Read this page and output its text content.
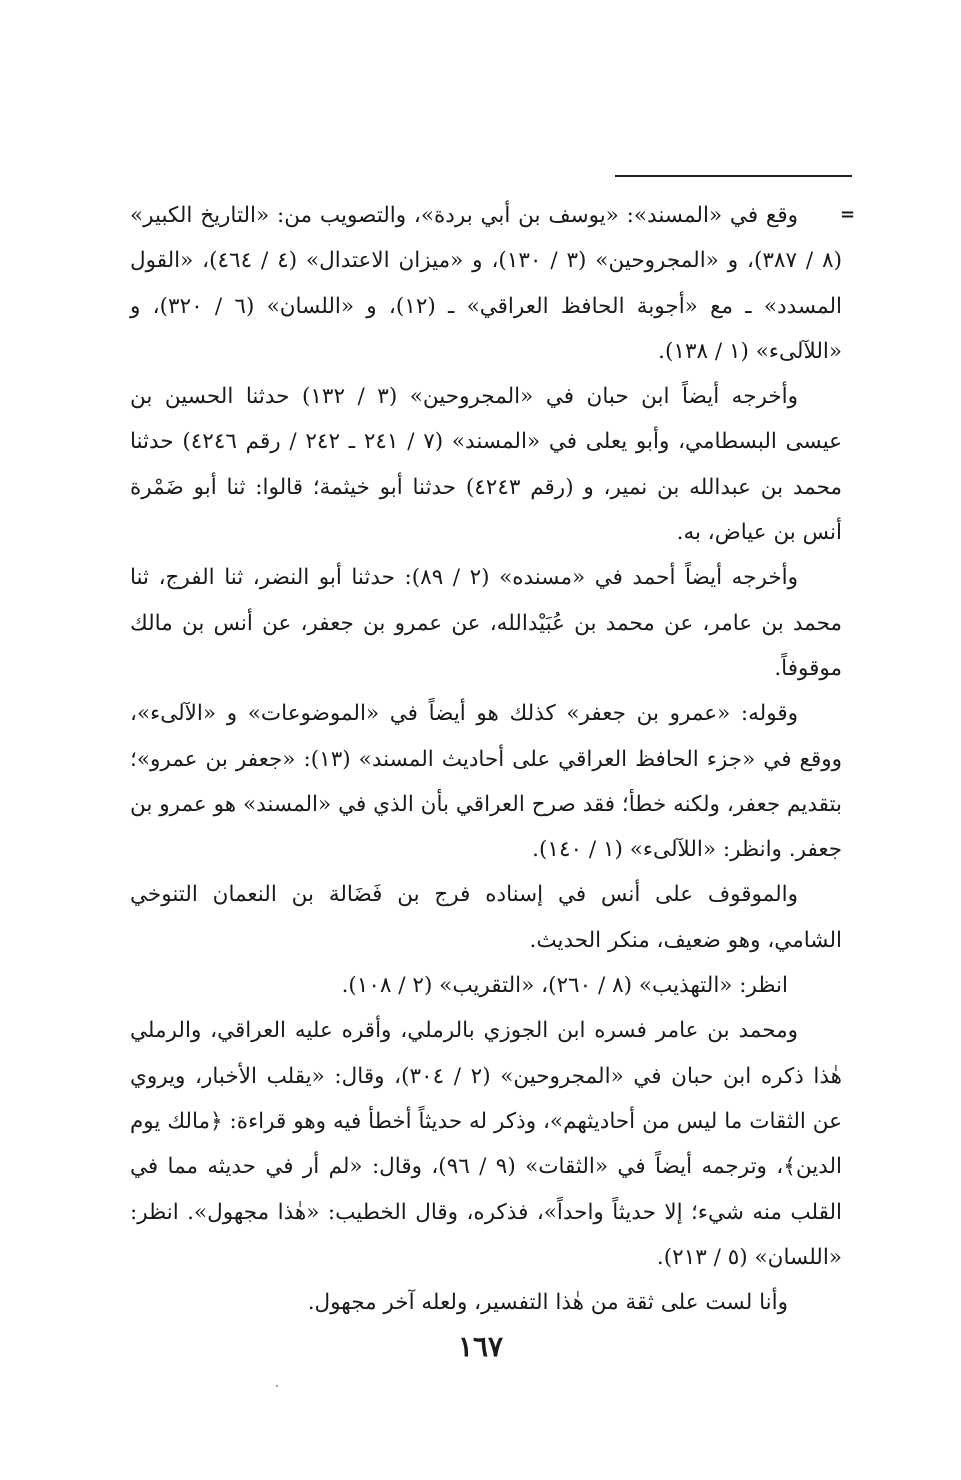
=

وقع في «المسند»: «يوسف بن أبي بردة»، والتصويب من: «التاريخ الكبير» (٨ / ٣٨٧)، و «المجروحين» (٣ / ١٣٠)، و «ميزان الاعتدال» (٤ / ٤٦٤)، «القول المسدد» ـ مع «أجوبة الحافظ العراقي» ـ (١٢)، و «اللسان» (٦ / ٣٢٠)، و «اللآلىء» (١ / ١٣٨).

وأخرجه أيضاً ابن حبان في «المجروحين» (٣ / ١٣٢) حدثنا الحسين بن عيسى البسطامي، وأبو يعلى في «المسند» (٧ / ٢٤١ ـ ٢٤٢ / رقم ٤٢٤٦) حدثنا محمد بن عبدالله بن نمير، و (رقم ٤٢٤٣) حدثنا أبو خيثمة؛ قالوا: ثنا أبو ضَمْرة أنس بن عياض، به.

وأخرجه أيضاً أحمد في «مسنده» (٢ / ٨٩): حدثنا أبو النضر، ثنا الفرج، ثنا محمد بن عامر، عن محمد بن عُبَيْدالله، عن عمرو بن جعفر، عن أنس بن مالك موقوفاً.

وقوله: «عمرو بن جعفر» كذلك هو أيضاً في «الموضوعات» و «الآلىء»، ووقع في «جزء الحافظ العراقي على أحاديث المسند» (١٣): «جعفر بن عمرو»؛ بتقديم جعفر، ولكنه خطأ؛ فقد صرح العراقي بأن الذي في «المسند» هو عمرو بن جعفر. وانظر: «اللآلىء» (١ / ١٤٠).

والموقوف على أنس في إسناده فرج بن فَضَالة بن النعمان التنوخي الشامي، وهو ضعيف، منكر الحديث.

انظر: «التهذيب» (٨ / ٢٦٠)، «التقريب» (٢ / ١٠٨).

ومحمد بن عامر فسره ابن الجوزي بالرملي، وأقره عليه العراقي، والرملي هٰذا ذكره ابن حبان في «المجروحين» (٢ / ٣٠٤)، وقال: «يقلب الأخبار، ويروي عن الثقات ما ليس من أحاديثهم»، وذكر له حديثاً أخطأ فيه وهو قراءة: ﴿مالك يوم الدين﴾، وترجمه أيضاً في «الثقات» (٩ / ٩٦)، وقال: «لم أر في حديثه مما في القلب منه شيء؛ إلا حديثاً واحداً»، فذكره، وقال الخطيب: «هٰذا مجهول». انظر: «اللسان» (٥ / ٢١٣).

وأنا لست على ثقة من هٰذا التفسير، ولعله آخر مجهول.

١٦٧
